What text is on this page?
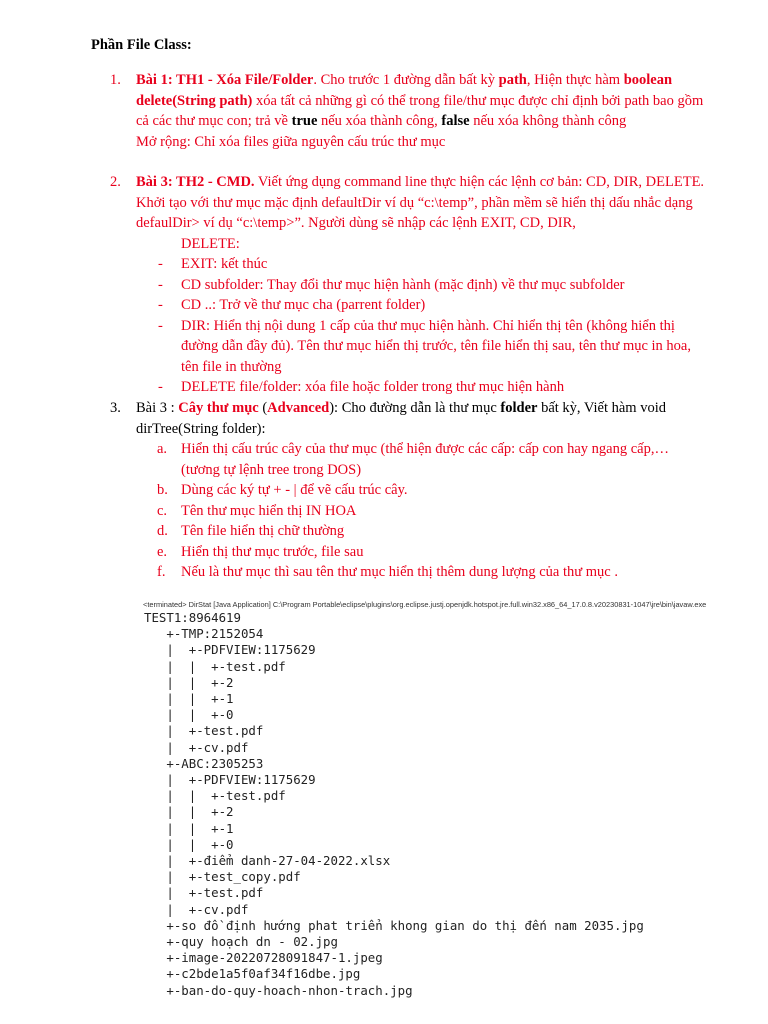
Phần File Class:
1. Bài 1: TH1 - Xóa File/Folder. Cho trước 1 đường dẫn bất kỳ path, Hiện thực hàm boolean delete(String path) xóa tất cả những gì có thể trong file/thư mục được chỉ định bởi path bao gồm cả các thư mục con; trả về true nếu xóa thành công, false nếu xóa không thành công
Mở rộng: Chỉ xóa files giữa nguyên cấu trúc thư mục
2. Bài 3: TH2 - CMD. Viết ứng dụng command line thực hiện các lệnh cơ bản: CD, DIR, DELETE. Khởi tạo với thư mục mặc định defaultDir ví dụ “c:\temp”, phần mềm sẽ hiển thị dấu nhắc dạng defaulDir> ví dụ “c:\temp>”. Người dùng sẽ nhập các lệnh EXIT, CD, DIR,
DELETE:
- EXIT: kết thúc
- CD subfolder: Thay đổi thư mục hiện hành (mặc định) về thư mục subfolder
- CD ..: Trở về thư mục cha (parrent folder)
- DIR: Hiển thị nội dung 1 cấp của thư mục hiện hành. Chỉ hiển thị tên (không hiển thị đường dẫn đầy đủ). Tên thư mục hiển thị trước, tên file hiển thị sau, tên thư mục in hoa, tên file in thường
- DELETE file/folder: xóa file hoặc folder trong thư mục hiện hành
3. Bài 3 : Cây thư mục (Advanced): Cho đường dẫn là thư mục folder bất kỳ, Viết hàm void dirTree(String folder):
a. Hiển thị cấu trúc cây của thư mục (thể hiện được các cấp: cấp con hay ngang cấp,… (tương tự lệnh tree trong DOS)
b. Dùng các ký tự + - | để vẽ cấu trúc cây.
c. Tên thư mục hiển thị IN HOA
d. Tên file hiển thị chữ thường
e. Hiển thị thư mục trước, file sau
f. Nếu là thư mục thì sau tên thư mục hiển thị thêm dung lượng của thư mục .
<terminated> DirStat [Java Application] C:\Program Portable\eclipse\plugins\org.eclipse.justj.openjdk.hotspot.jre.full.win32.x86_64_17.0.8.v20230831-1047\jre\bin\javaw.exe
TEST1:8964619
+-TMP:2152054
|  +-PDFVIEW:1175629
|  |  +-test.pdf
|  |  +-2
|  |  +-1
|  |  +-0
|  +-test.pdf
|  +-cv.pdf
+-ABC:2305253
|  +-PDFVIEW:1175629
|  |  +-test.pdf
|  |  +-2
|  |  +-1
|  |  +-0
|  +-điểm danh-27-04-2022.xlsx
|  +-test_copy.pdf
|  +-test.pdf
|  +-cv.pdf
+-so đồ định hướng phat triển khong gian do thị đến nam 2035.jpg
+-quy hoạch dn - 02.jpg
+-image-20220728091847-1.jpeg
+-c2bde1a5f0af34f16dbe.jpg
+-ban-do-quy-hoach-nhon-trach.jpg
